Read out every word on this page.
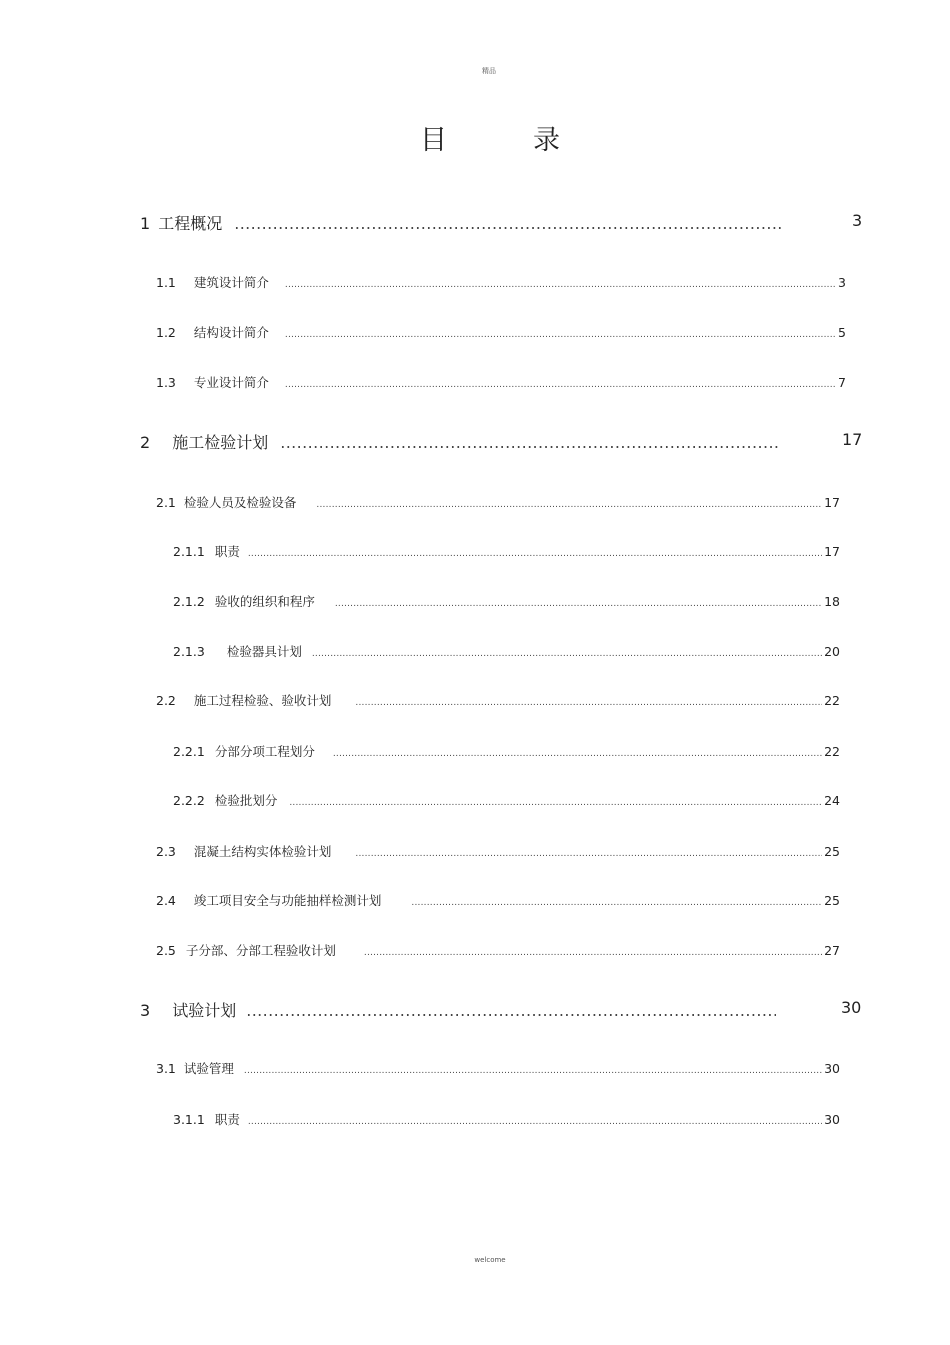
精品
目	录
1 工程概况 .....	3
1.1 建筑设计简介 .....	3
1.2 结构设计简介 .....	5
1.3 专业设计简介 .....	7
2 施工检验计划 .....	17
2.1 检验人员及检验设备 .....	17
2.1.1 职责 .....	17
2.1.2 验收的组织和程序 .....	18
2.1.3 检验器具计划 .....	20
2.2 施工过程检验、验收计划 .....	22
2.2.1 分部分项工程划分 .....	22
2.2.2 检验批划分 .....	24
2.3 混凝土结构实体检验计划 .....	25
2.4 竣工项目安全与功能抽样检测计划 .....	25
2.5 子分部、分部工程验收计划 .....	27
3 试验计划 .....	30
3.1 试验管理 .....	30
3.1.1 职责 .....	30
welcome
